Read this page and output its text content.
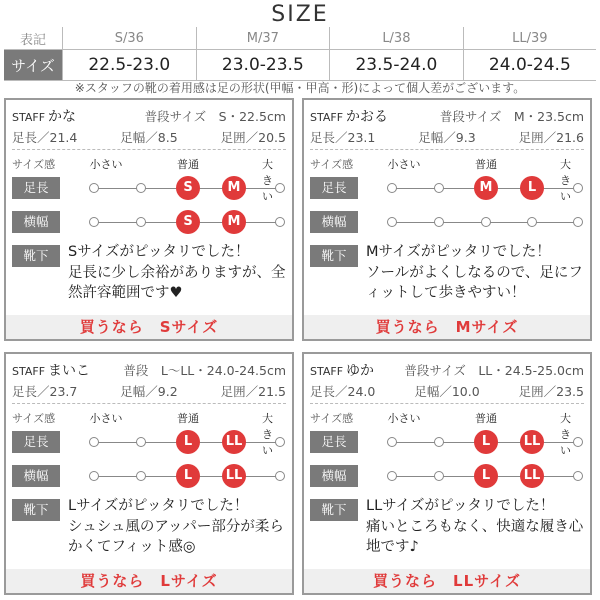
SIZE
表記	S/36	M/37	L/38	LL/39
サイズ	22.5-23.0	23.0-23.5	23.5-24.0	24.0-24.5
※スタッフの靴の着用感は足の形状(甲幅・甲高・形)によって個人差がございます。
STAFF かな	普段サイズ　S・22.5cm
足長／21.4	足幅／8.5	足囲／20.5
サイズ感	小さい	普通	大きい
足長	S	M
横幅	S	M
靴下	Sサイズがピッタリでした！
足長に少し余裕がありますが、全然許容範囲です♥
買うなら　Sサイズ
STAFF かおる	普段サイズ　M・23.5cm
足長／23.1	足幅／9.3	足囲／21.6
サイズ感	小さい	普通	大きい
足長	M	L
横幅
靴下	Mサイズがピッタリでした！
ソールがよくしなるので、足にフィットして歩きやすい！
買うなら　Mサイズ
STAFF まいこ	普段　L〜LL・24.0-24.5cm
足長／23.7	足幅／9.2	足囲／21.5
サイズ感	小さい	普通	大きい
足長	L	LL
横幅	L	LL
靴下	Lサイズがピッタリでした！
シュシュ風のアッパー部分が柔らかくてフィット感◎
買うなら　Lサイズ
STAFF ゆか 普段サイズ　LL・24.5-25.0cm
足長／24.0	足幅／10.0	足囲／23.5
サイズ感	小さい	普通	大きい
足長	L	LL
横幅	L	LL
靴下	LLサイズがピッタリでした！
痛いところもなく、快適な履き心地です♪
買うなら　LLサイズ
